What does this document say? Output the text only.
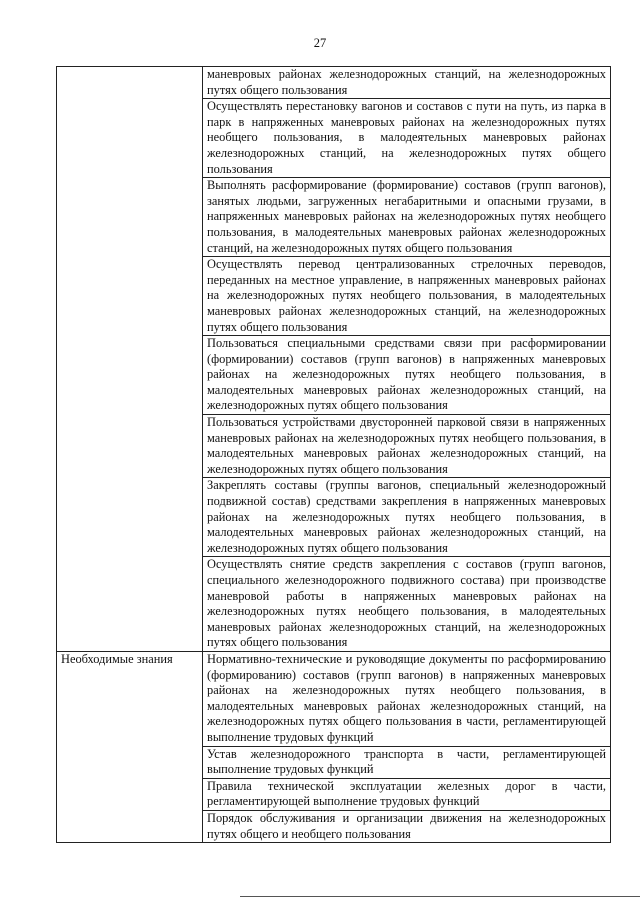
27
	маневровых районах железнодорожных станций, на железнодорожных путях общего пользования
	Осуществлять перестановку вагонов и составов с пути на путь, из парка в парк в напряженных маневровых районах на железнодорожных путях необщего пользования, в малодеятельных маневровых районах железнодорожных станций, на железнодорожных путях общего пользования
	Выполнять расформирование (формирование) составов (групп вагонов), занятых людьми, загруженных негабаритными и опасными грузами, в напряженных маневровых районах на железнодорожных путях необщего пользования, в малодеятельных маневровых районах железнодорожных станций, на железнодорожных путях общего пользования
	Осуществлять перевод централизованных стрелочных переводов, переданных на местное управление, в напряженных маневровых районах на железнодорожных путях необщего пользования, в малодеятельных маневровых районах железнодорожных станций, на железнодорожных путях общего пользования
	Пользоваться специальными средствами связи при расформировании (формировании) составов (групп вагонов) в напряженных маневровых районах на железнодорожных путях необщего пользования, в малодеятельных маневровых районах железнодорожных станций, на железнодорожных путях общего пользования
	Пользоваться устройствами двусторонней парковой связи в напряженных маневровых районах на железнодорожных путях необщего пользования, в малодеятельных маневровых районах железнодорожных станций, на железнодорожных путях общего пользования
	Закреплять составы (группы вагонов, специальный железнодорожный подвижной состав) средствами закрепления в напряженных маневровых районах на железнодорожных путях необщего пользования, в малодеятельных маневровых районах железнодорожных станций, на железнодорожных путях общего пользования
	Осуществлять снятие средств закрепления с составов (групп вагонов, специального железнодорожного подвижного состава) при производстве маневровой работы в напряженных маневровых районах на железнодорожных путях необщего пользования, в малодеятельных маневровых районах железнодорожных станций, на железнодорожных путях общего пользования
Необходимые знания	Нормативно-технические и руководящие документы по расформированию (формированию) составов (групп вагонов) в напряженных маневровых районах на железнодорожных путях необщего пользования, в малодеятельных маневровых районах железнодорожных станций, на железнодорожных путях общего пользования в части, регламентирующей выполнение трудовых функций
	Устав железнодорожного транспорта в части, регламентирующей выполнение трудовых функций
	Правила технической эксплуатации железных дорог в части, регламентирующей выполнение трудовых функций
	Порядок обслуживания и организации движения на железнодорожных путях общего и необщего пользования
